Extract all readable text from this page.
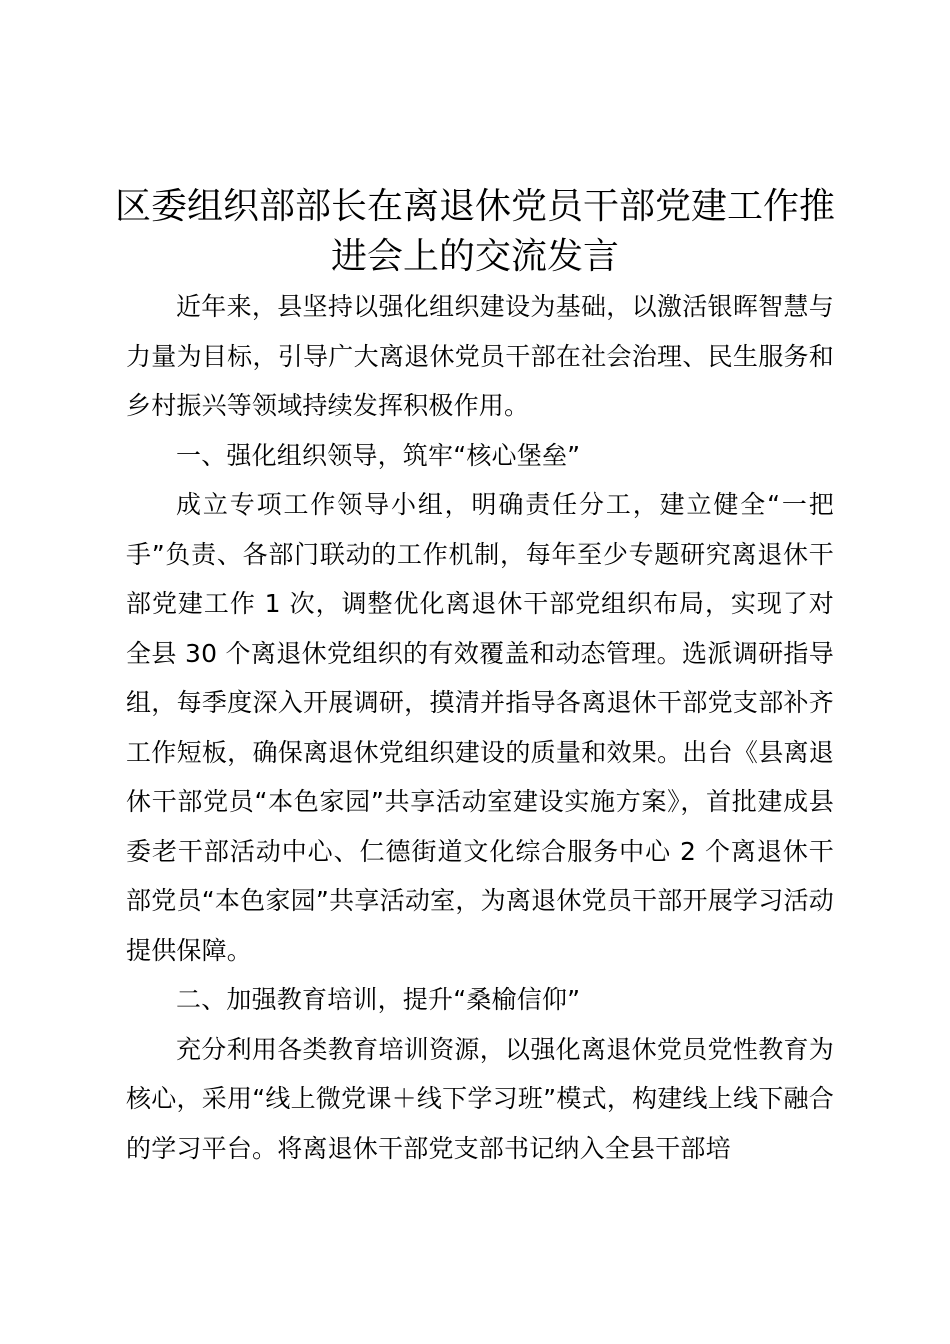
区委组织部部长在离退休党员干部党建工作推进会上的交流发言

近年来，县坚持以强化组织建设为基础，以激活银晖智慧与力量为目标，引导广大离退休党员干部在社会治理、民生服务和乡村振兴等领域持续发挥积极作用。

一、强化组织领导，筑牢“核心堡垒”

成立专项工作领导小组，明确责任分工，建立健全“一把手”负责、各部门联动的工作机制，每年至少专题研究离退休干部党建工作 1 次，调整优化离退休干部党组织布局，实现了对全县 30 个离退休党组织的有效覆盖和动态管理。选派调研指导组，每季度深入开展调研，摸清并指导各离退休干部党支部补齐工作短板，确保离退休党组织建设的质量和效果。出台《县离退休干部党员“本色家园”共享活动室建设实施方案》，首批建成县委老干部活动中心、仁德街道文化综合服务中心 2 个离退休干部党员“本色家园”共享活动室，为离退休党员干部开展学习活动提供保障。

二、加强教育培训，提升“桑榆信仰”

充分利用各类教育培训资源，以强化离退休党员党性教育为核心，采用“线上微党课＋线下学习班”模式，构建线上线下融合的学习平台。将离退休干部党支部书记纳入全县干部培
